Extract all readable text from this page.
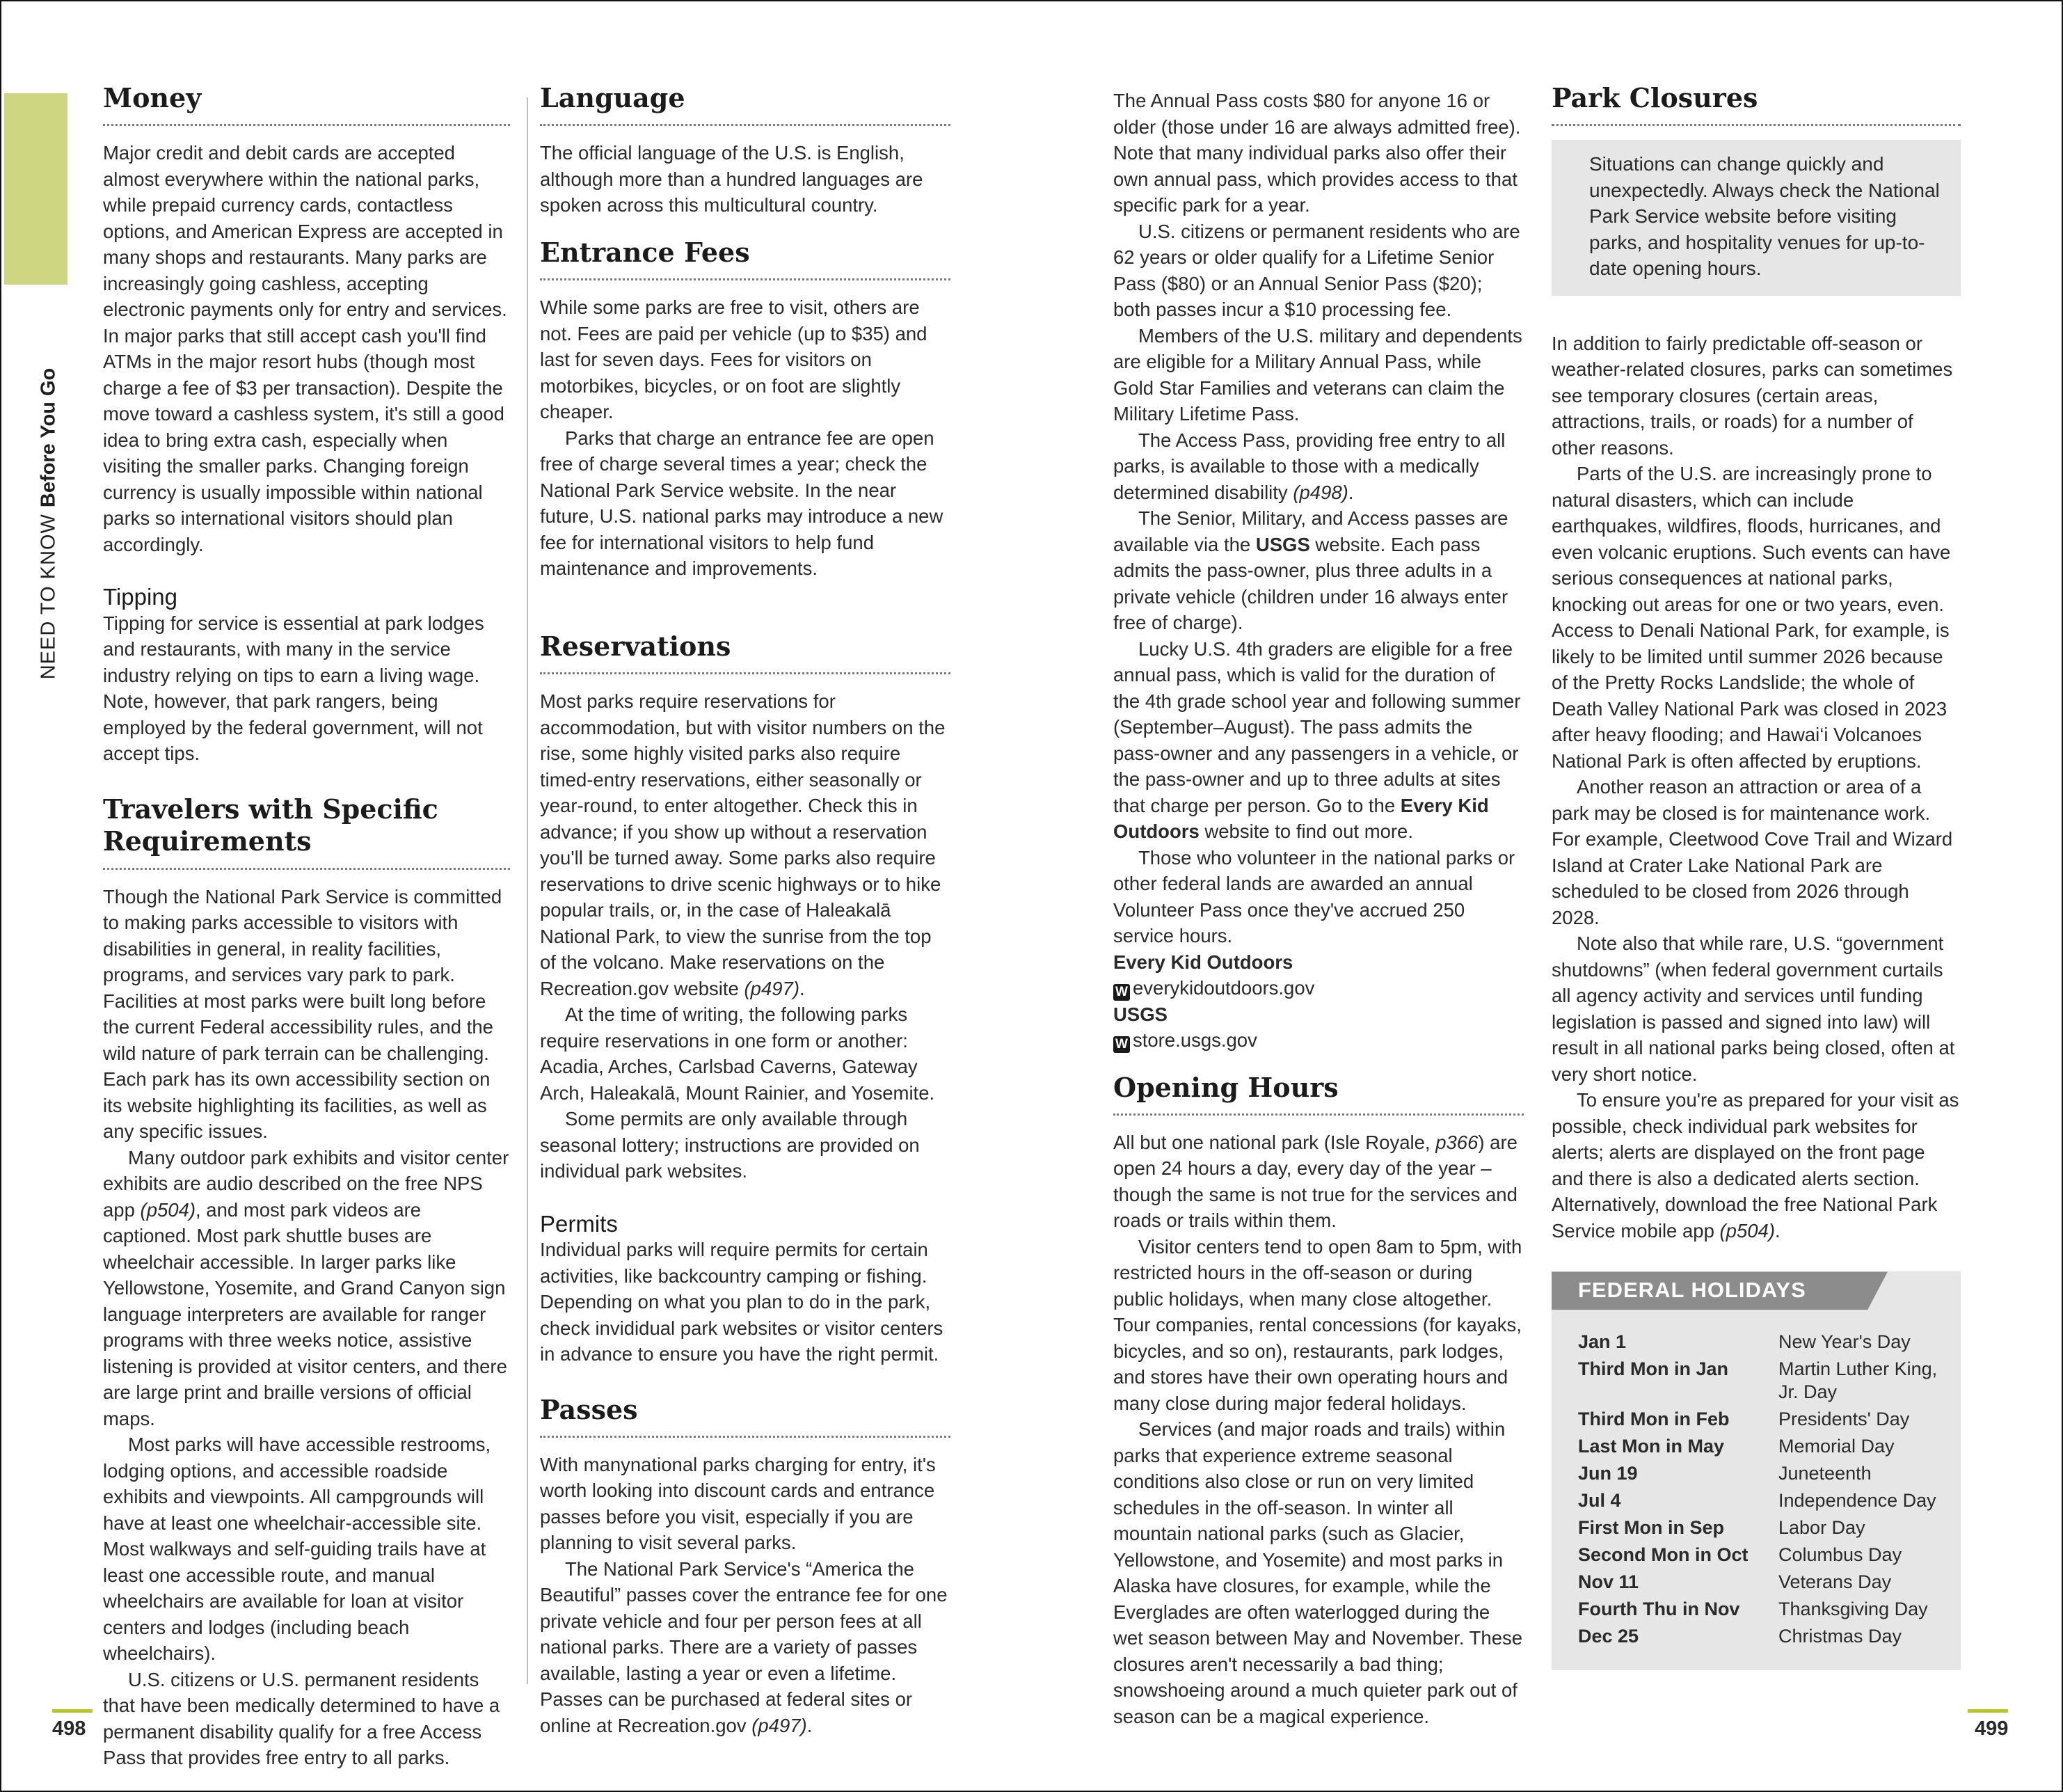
NEED TO KNOW Before You Go
Money

Major credit and debit cards are accepted almost everywhere within the national parks, while prepaid currency cards, contactless options, and American Express are accepted in many shops and restaurants. Many parks are increasingly going cashless, accepting electronic payments only for entry and services. In major parks that still accept cash you'll find ATMs in the major resort hubs (though most charge a fee of $3 per transaction). Despite the move toward a cashless system, it's still a good idea to bring extra cash, especially when visiting the smaller parks. Changing foreign currency is usually impossible within national parks so international visitors should plan accordingly.

Tipping

Tipping for service is essential at park lodges and restaurants, with many in the service industry relying on tips to earn a living wage. Note, however, that park rangers, being employed by the federal government, will not accept tips.

Travelers with Specific Requirements

Though the National Park Service is committed to making parks accessible to visitors with disabilities in general, in reality facilities, programs, and services vary park to park. Facilities at most parks were built long before the current Federal accessibility rules, and the wild nature of park terrain can be challenging. Each park has its own accessibility section on its website highlighting its facilities, as well as any specific issues.

Many outdoor park exhibits and visitor center exhibits are audio described on the free NPS app (p504), and most park videos are captioned. Most park shuttle buses are wheelchair accessible. In larger parks like Yellowstone, Yosemite, and Grand Canyon sign language interpreters are available for ranger programs with three weeks notice, assistive listening is provided at visitor centers, and there are large print and braille versions of official maps.

Most parks will have accessible restrooms, lodging options, and accessible roadside exhibits and viewpoints. All campgrounds will have at least one wheelchair-accessible site. Most walkways and self-guiding trails have at least one accessible route, and manual wheelchairs are available for loan at visitor centers and lodges (including beach wheelchairs).

U.S. citizens or U.S. permanent residents that have been medically determined to have a permanent disability qualify for a free Access Pass that provides free entry to all parks.

Language

The official language of the U.S. is English, although more than a hundred languages are spoken across this multicultural country.

Entrance Fees

While some parks are free to visit, others are not. Fees are paid per vehicle (up to $35) and last for seven days. Fees for visitors on motorbikes, bicycles, or on foot are slightly cheaper.

Parks that charge an entrance fee are open free of charge several times a year; check the National Park Service website. In the near future, U.S. national parks may introduce a new fee for international visitors to help fund maintenance and improvements.

Reservations

Most parks require reservations for accommodation, but with visitor numbers on the rise, some highly visited parks also require timed-entry reservations, either seasonally or year-round, to enter altogether. Check this in advance; if you show up without a reservation you'll be turned away. Some parks also require reservations to drive scenic highways or to hike popular trails, or, in the case of Haleakalā National Park, to view the sunrise from the top of the volcano. Make reservations on the Recreation.gov website (p497).

At the time of writing, the following parks require reservations in one form or another: Acadia, Arches, Carlsbad Caverns, Gateway Arch, Haleakalā, Mount Rainier, and Yosemite.

Some permits are only available through seasonal lottery; instructions are provided on individual park websites.

Permits

Individual parks will require permits for certain activities, like backcountry camping or fishing. Depending on what you plan to do in the park, check invididual park websites or visitor centers in advance to ensure you have the right permit.

Passes

With manynational parks charging for entry, it's worth looking into discount cards and entrance passes before you visit, especially if you are planning to visit several parks.

The National Park Service's “America the Beautiful” passes cover the entrance fee for one private vehicle and four per person fees at all national parks. There are a variety of passes available, lasting a year or even a lifetime. Passes can be purchased at federal sites or online at Recreation.gov (p497).

The Annual Pass costs $80 for anyone 16 or older (those under 16 are always admitted free). Note that many individual parks also offer their own annual pass, which provides access to that specific park for a year.

U.S. citizens or permanent residents who are 62 years or older qualify for a Lifetime Senior Pass ($80) or an Annual Senior Pass ($20); both passes incur a $10 processing fee.

Members of the U.S. military and dependents are eligible for a Military Annual Pass, while Gold Star Families and veterans can claim the Military Lifetime Pass.

The Access Pass, providing free entry to all parks, is available to those with a medically determined disability (p498).

The Senior, Military, and Access passes are available via the USGS website. Each pass admits the pass-owner, plus three adults in a private vehicle (children under 16 always enter free of charge).

Lucky U.S. 4th graders are eligible for a free annual pass, which is valid for the duration of the 4th grade school year and following summer (September–August). The pass admits the pass-owner and any passengers in a vehicle, or the pass-owner and up to three adults at sites that charge per person. Go to the Every Kid Outdoors website to find out more.

Those who volunteer in the national parks or other federal lands are awarded an annual Volunteer Pass once they've accrued 250 service hours.

Every Kid Outdoors

W everykidoutdoors.gov

USGS

W store.usgs.gov

Opening Hours

All but one national park (Isle Royale, p366) are open 24 hours a day, every day of the year – though the same is not true for the services and roads or trails within them.

Visitor centers tend to open 8am to 5pm, with restricted hours in the off-season or during public holidays, when many close altogether. Tour companies, rental concessions (for kayaks, bicycles, and so on), restaurants, park lodges, and stores have their own operating hours and many close during major federal holidays.

Services (and major roads and trails) within parks that experience extreme seasonal conditions also close or run on very limited schedules in the off-season. In winter all mountain national parks (such as Glacier, Yellowstone, and Yosemite) and most parks in Alaska have closures, for example, while the Everglades are often waterlogged during the wet season between May and November. These closures aren't necessarily a bad thing; snowshoeing around a much quieter park out of season can be a magical experience.

Park Closures

Situations can change quickly and unexpectedly. Always check the National Park Service website before visiting parks, and hospitality venues for up-to-date opening hours.

In addition to fairly predictable off-season or weather-related closures, parks can sometimes see temporary closures (certain areas, attractions, trails, or roads) for a number of other reasons.

Parts of the U.S. are increasingly prone to natural disasters, which can include earthquakes, wildfires, floods, hurricanes, and even volcanic eruptions. Such events can have serious consequences at national parks, knocking out areas for one or two years, even. Access to Denali National Park, for example, is likely to be limited until summer 2026 because of the Pretty Rocks Landslide; the whole of Death Valley National Park was closed in 2023 after heavy flooding; and Hawai‘i Volcanoes National Park is often affected by eruptions.

Another reason an attraction or area of a park may be closed is for maintenance work. For example, Cleetwood Cove Trail and Wizard Island at Crater Lake National Park are scheduled to be closed from 2026 through 2028.

Note also that while rare, U.S. “government shutdowns” (when federal government curtails all agency activity and services until funding legislation is passed and signed into law) will result in all national parks being closed, often at very short notice.

To ensure you're as prepared for your visit as possible, check individual park websites for alerts; alerts are displayed on the front page and there is also a dedicated alerts section. Alternatively, download the free National Park Service mobile app (p504).

FEDERAL HOLIDAYS
Jan 1	New Year's Day
Third Mon in Jan	Martin Luther King, Jr. Day
Third Mon in Feb	Presidents' Day
Last Mon in May	Memorial Day
Jun 19	Juneteenth
Jul 4	Independence Day
First Mon in Sep	Labor Day
Second Mon in Oct	Columbus Day
Nov 11	Veterans Day
Fourth Thu in Nov	Thanksgiving Day
Dec 25	Christmas Day
498	499
